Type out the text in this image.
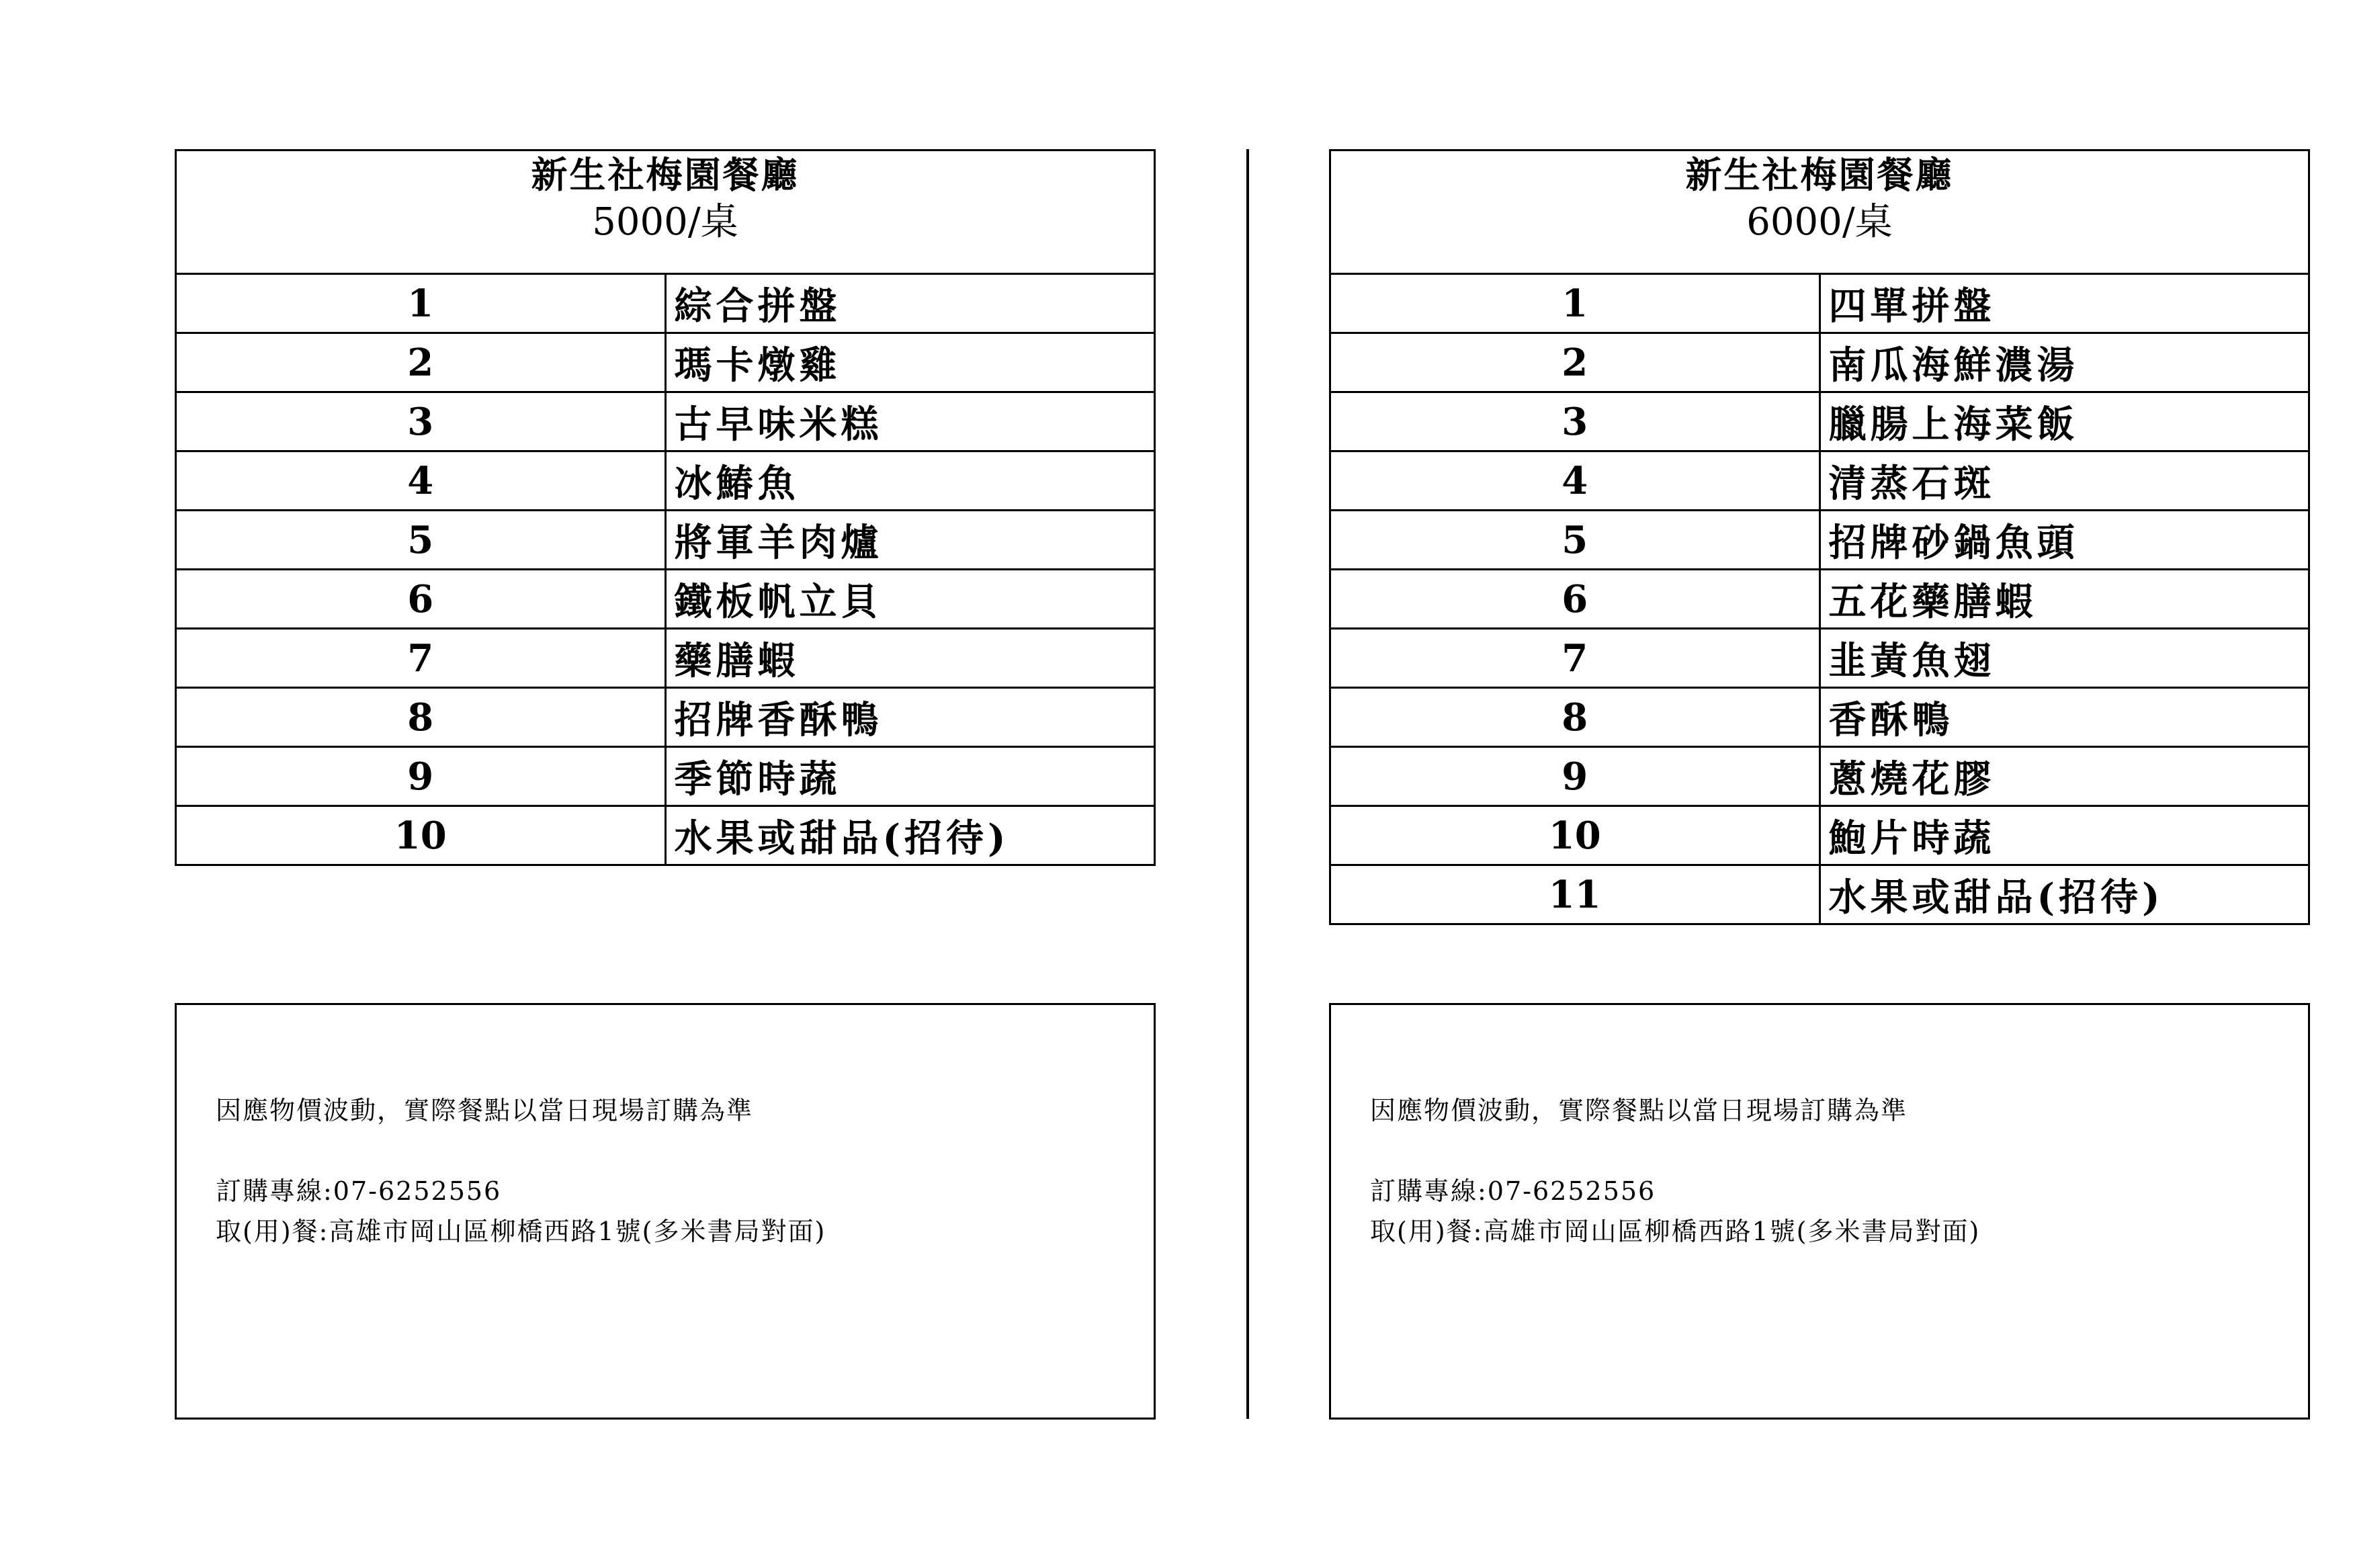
新生社梅園餐廳
5000/桌	

1	綜合拼盤
2	瑪卡燉雞
3	古早味米糕
4	冰鰆魚
5	將軍羊肉爐
6	鐵板帆立貝
7	藥膳蝦
8	招牌香酥鴨
9	季節時蔬
10	水果或甜品(招待)
新生社梅園餐廳
6000/桌	

1	四單拼盤
2	南瓜海鮮濃湯
3	臘腸上海菜飯
4	清蒸石斑
5	招牌砂鍋魚頭
6	五花藥膳蝦
7	韭黃魚翅
8	香酥鴨
9	蔥燒花膠
10	鮑片時蔬
11	水果或甜品(招待)
因應物價波動，實際餐點以當日現場訂購為準
訂購專線:07-6252556
取(用)餐:高雄市岡山區柳橋西路1號(多米書局對面)
因應物價波動，實際餐點以當日現場訂購為準
訂購專線:07-6252556
取(用)餐:高雄市岡山區柳橋西路1號(多米書局對面)
